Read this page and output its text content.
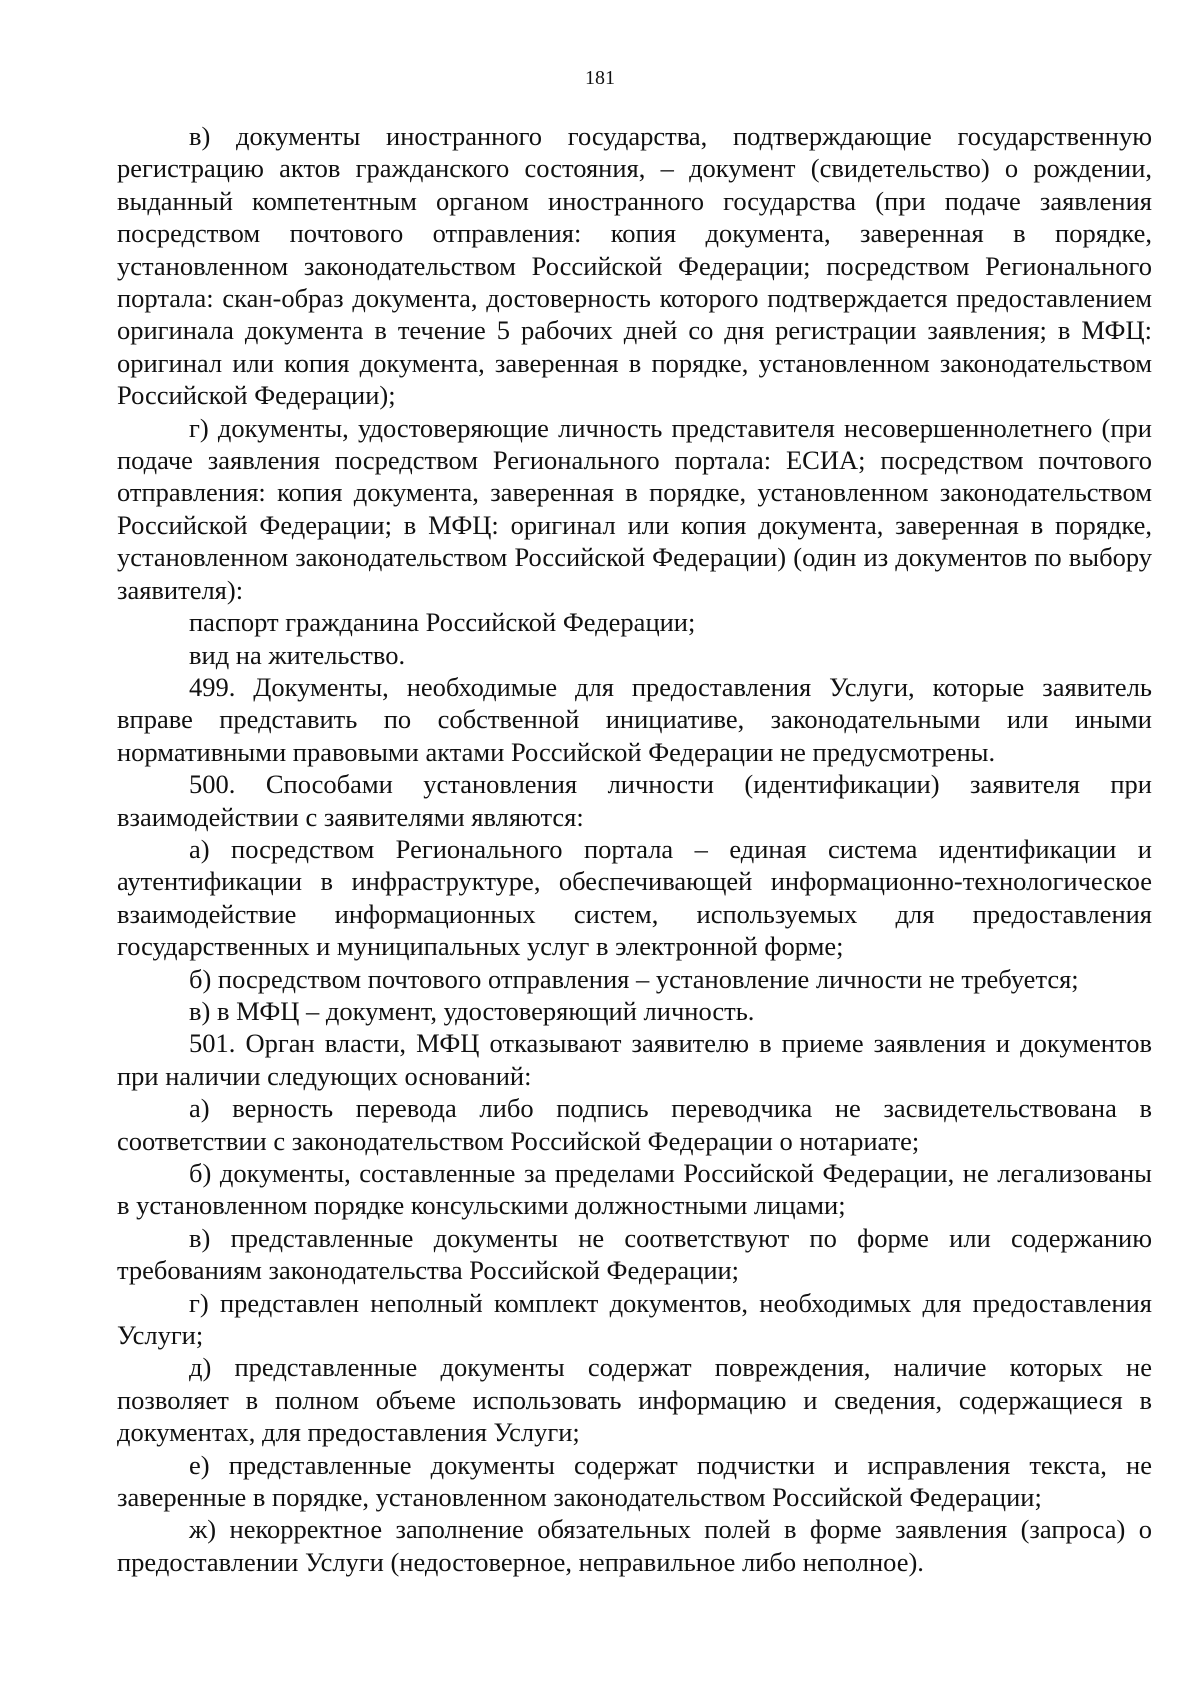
181

в) документы иностранного государства, подтверждающие государственную регистрацию актов гражданского состояния, – документ (свидетельство) о рождении, выданный компетентным органом иностранного государства (при подаче заявления посредством почтового отправления: копия документа, заверенная в порядке, установленном законодательством Российской Федерации; посредством Регионального портала: скан-образ документа, достоверность которого подтверждается предоставлением оригинала документа в течение 5 рабочих дней со дня регистрации заявления; в МФЦ: оригинал или копия документа, заверенная в порядке, установленном законодательством Российской Федерации);

г) документы, удостоверяющие личность представителя несовершеннолетнего (при подаче заявления посредством Регионального портала: ЕСИА; посредством почтового отправления: копия документа, заверенная в порядке, установленном законодательством Российской Федерации; в МФЦ: оригинал или копия документа, заверенная в порядке, установленном законодательством Российской Федерации) (один из документов по выбору заявителя):

паспорт гражданина Российской Федерации;

вид на жительство.

499. Документы, необходимые для предоставления Услуги, которые заявитель вправе представить по собственной инициативе, законодательными или иными нормативными правовыми актами Российской Федерации не предусмотрены.

500. Способами установления личности (идентификации) заявителя при взаимодействии с заявителями являются:

а) посредством Регионального портала – единая система идентификации и аутентификации в инфраструктуре, обеспечивающей информационно-технологическое взаимодействие информационных систем, используемых для предоставления государственных и муниципальных услуг в электронной форме;

б) посредством почтового отправления – установление личности не требуется;

в) в МФЦ – документ, удостоверяющий личность.

501. Орган власти, МФЦ отказывают заявителю в приеме заявления и документов при наличии следующих оснований:

а) верность перевода либо подпись переводчика не засвидетельствована в соответствии с законодательством Российской Федерации о нотариате;

б) документы, составленные за пределами Российской Федерации, не легализованы в установленном порядке консульскими должностными лицами;

в) представленные документы не соответствуют по форме или содержанию требованиям законодательства Российской Федерации;

г) представлен неполный комплект документов, необходимых для предоставления Услуги;

д) представленные документы содержат повреждения, наличие которых не позволяет в полном объеме использовать информацию и сведения, содержащиеся в документах, для предоставления Услуги;

е) представленные документы содержат подчистки и исправления текста, не заверенные в порядке, установленном законодательством Российской Федерации;

ж) некорректное заполнение обязательных полей в форме заявления (запроса) о предоставлении Услуги (недостоверное, неправильное либо неполное).
